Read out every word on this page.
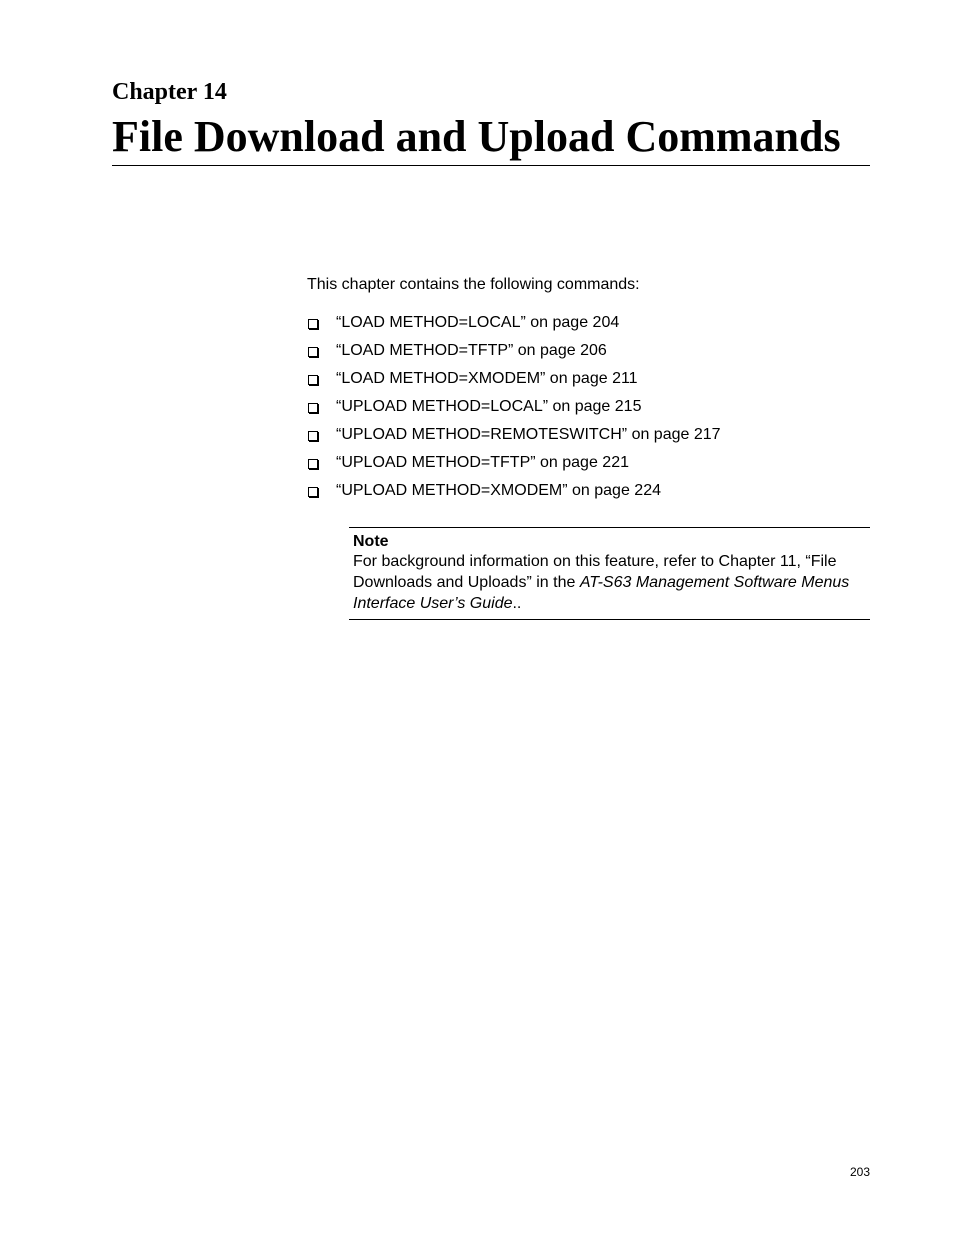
Chapter 14
File Download and Upload Commands

This chapter contains the following commands:

“LOAD METHOD=LOCAL” on page 204
“LOAD METHOD=TFTP” on page 206
“LOAD METHOD=XMODEM” on page 211
“UPLOAD METHOD=LOCAL” on page 215
“UPLOAD METHOD=REMOTESWITCH” on page 217
“UPLOAD METHOD=TFTP” on page 221
“UPLOAD METHOD=XMODEM” on page 224
Note

For background information on this feature, refer to Chapter 11, “File Downloads and Uploads” in the AT-S63 Management Software Menus Interface User’s Guide..

203
